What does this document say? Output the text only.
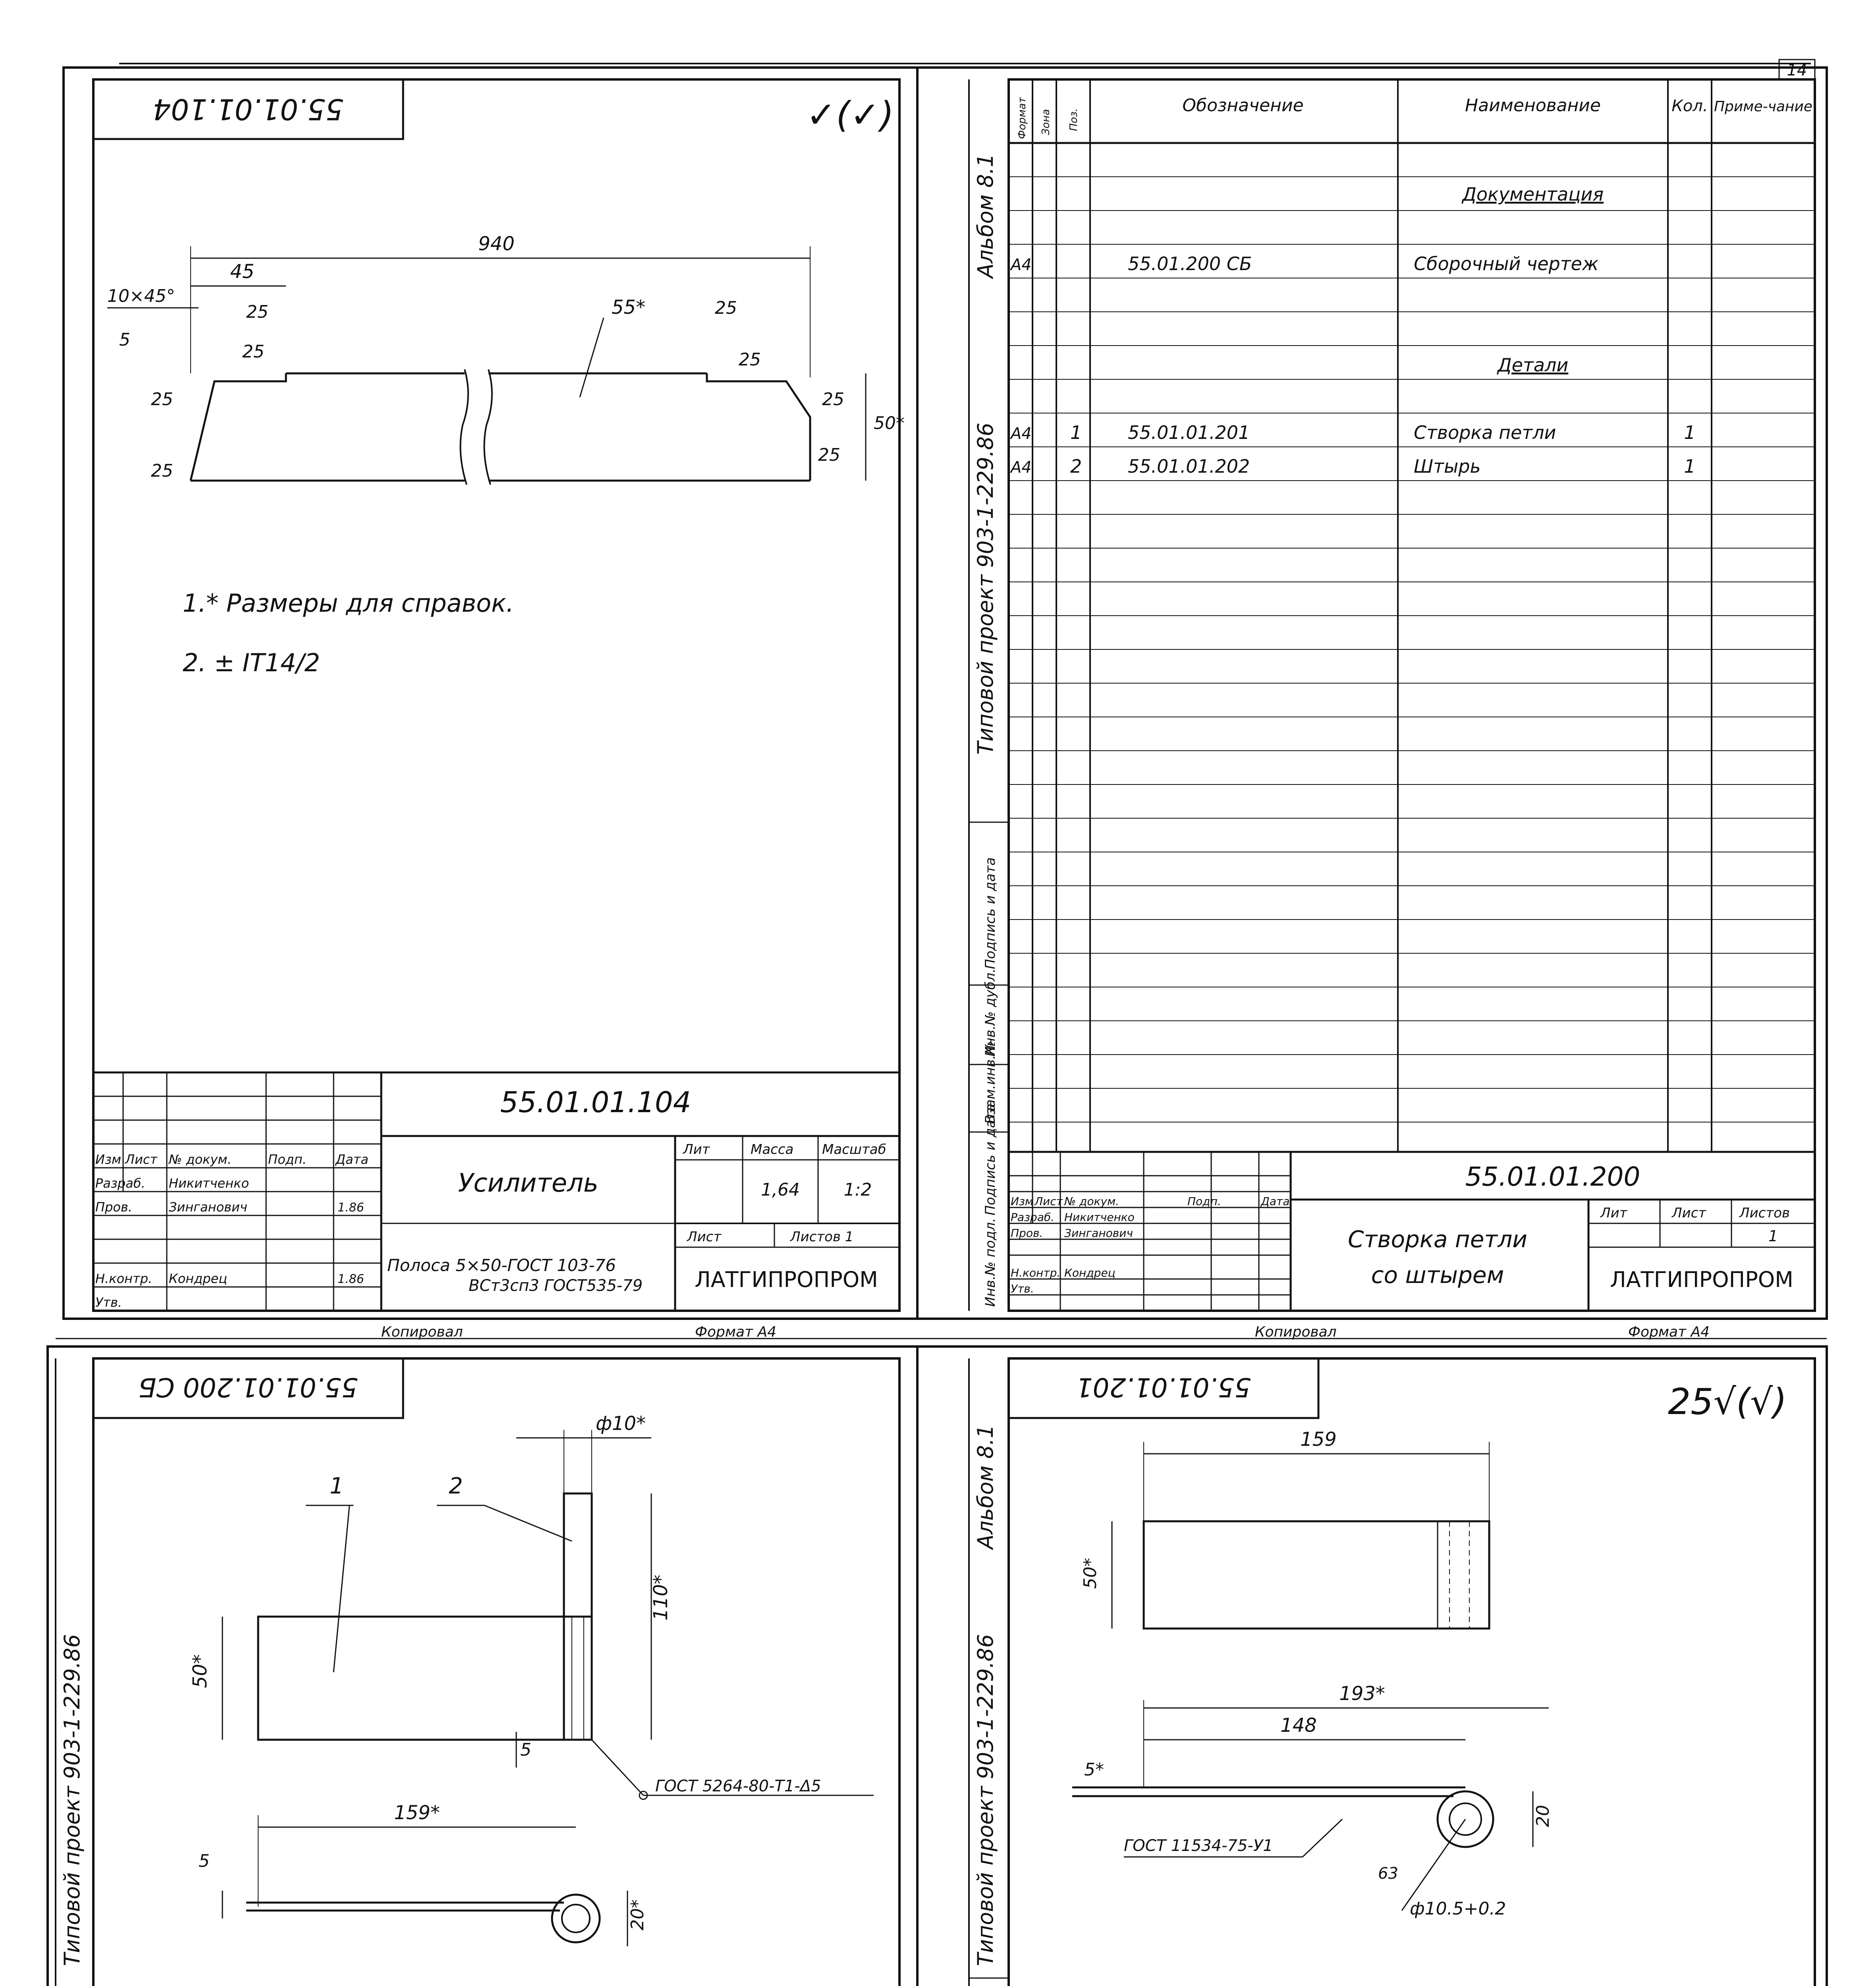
55.01.01.104	✓(✓)
940
45
10×45°
5
25
25
25
25
55*	25
25
25
25
50*
1.* Размеры для справок.
2. ± IT14/2
Изм Лист № докум.	Подп. Дата
Разраб. Никитченко
Пров.	Зинганович	1.86
Н.контр. Кондрец	1.86
Утв.
55.01.01.104
Усилитель
Полоса 5×50-ГОСТ 103-76
ВСт3сп3 ГОСТ535-79
Лит	Масса Масштаб
1,64	1:2
Лист	Листов 1
ЛАТГИПРОПРОМ
Копировал	Формат А4
14
Альбом 8.1
Типовой проект 903-1-229.86
Подпись и дата
Инв.№ дубл.
Взам.инв.№
Подпись и дата
Инв.№ подл.
Формат Зона Поз.
Обозначение	Наименование	Кол. Приме-чание
Документация
А4	55.01.200 СБ	Сборочный чертеж
Детали
А4 1	55.01.01.201	Створка петли	1
А4 2	55.01.01.202	Штырь	1
Изм Лист № докум.	Подп.	Дата
Разраб. Никитченко
Пров. Зинганович
Н.контр. Кондрец
Утв.
55.01.01.200
Створка петли
со штырем
Лит	Лист Листов
1
ЛАТГИПРОПРОМ
Копировал	Формат А4
55.01.01.200 СБ
Типовой проект 903-1-229.86
ф10*
110*
50*
1	2
ГОСТ 5264-80-Т1-Δ5
5
159*
20*
5
55.01.01.201	25√(√)
Альбом 8.1
Типовой проект 903-1-229.86
159
50*
193*
148
5*
20
ГОСТ 11534-75-У1
ф10.5+0.2
63
